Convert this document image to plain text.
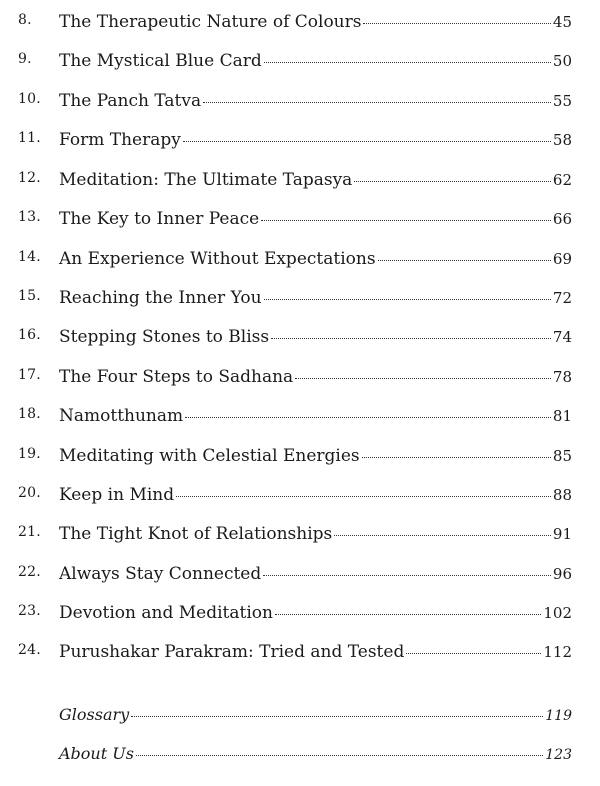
8.	The Therapeutic Nature of Colours	45
9.	The Mystical Blue Card	50
10.	The Panch Tatva	55
11.	Form Therapy	58
12.	Meditation: The Ultimate Tapasya	62
13.	The Key to Inner Peace	66
14.	An Experience Without Expectations	69
15.	Reaching the Inner You	72
16.	Stepping Stones to Bliss	74
17.	The Four Steps to Sadhana	78
18.	Namotthunam	81
19.	Meditating with Celestial Energies	85
20.	Keep in Mind	88
21.	The Tight Knot of Relationships	91
22.	Always Stay Connected	96
23.	Devotion and Meditation	102
24.	Purushakar Parakram: Tried and Tested	112
Glossary	119
About Us	123
